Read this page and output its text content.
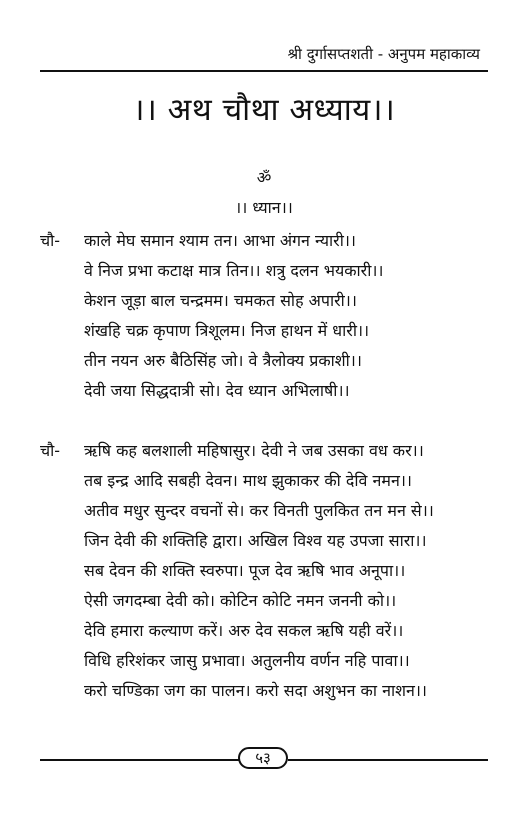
श्री दुर्गासप्तशती - अनुपम महाकाव्य
।। अथ चौथा अध्याय।।
ॐ
।। ध्यान।।
चौ- काले मेघ समान श्याम तन। आभा अंगन न्यारी।।
वे निज प्रभा कटाक्ष मात्र तिन।। शत्रु दलन भयकारी।।
केशन जूड़ा बाल चन्द्रमम। चमकत सोह अपारी।।
शंखहि चक्र कृपाण त्रिशूलम। निज हाथन में धारी।।
तीन नयन अरु बैठिसिंह जो। वे त्रैलोक्य प्रकाशी।।
देवी जया सिद्धदात्री सो। देव ध्यान अभिलाषी।।
चौ- ऋषि कह बलशाली महिषासुर। देवी ने जब उसका वध कर।।
तब इन्द्र आदि सबही देवन। माथ झुकाकर की देवि नमन।।
अतीव मधुर सुन्दर वचनों से। कर विनती पुलकित तन मन से।।
जिन देवी की शक्तिहि द्वारा। अखिल विश्व यह उपजा सारा।।
सब देवन की शक्ति स्वरुपा। पूज देव ऋषि भाव अनूपा।।
ऐसी जगदम्बा देवी को। कोटिन कोटि नमन जननी को।।
देवि हमारा कल्याण करें। अरु देव सकल ऋषि यही वरें।।
विधि हरिशंकर जासु प्रभावा। अतुलनीय वर्णन नहि पावा।।
करो चण्डिका जग का पालन। करो सदा अशुभन का नाशन।।
५३
